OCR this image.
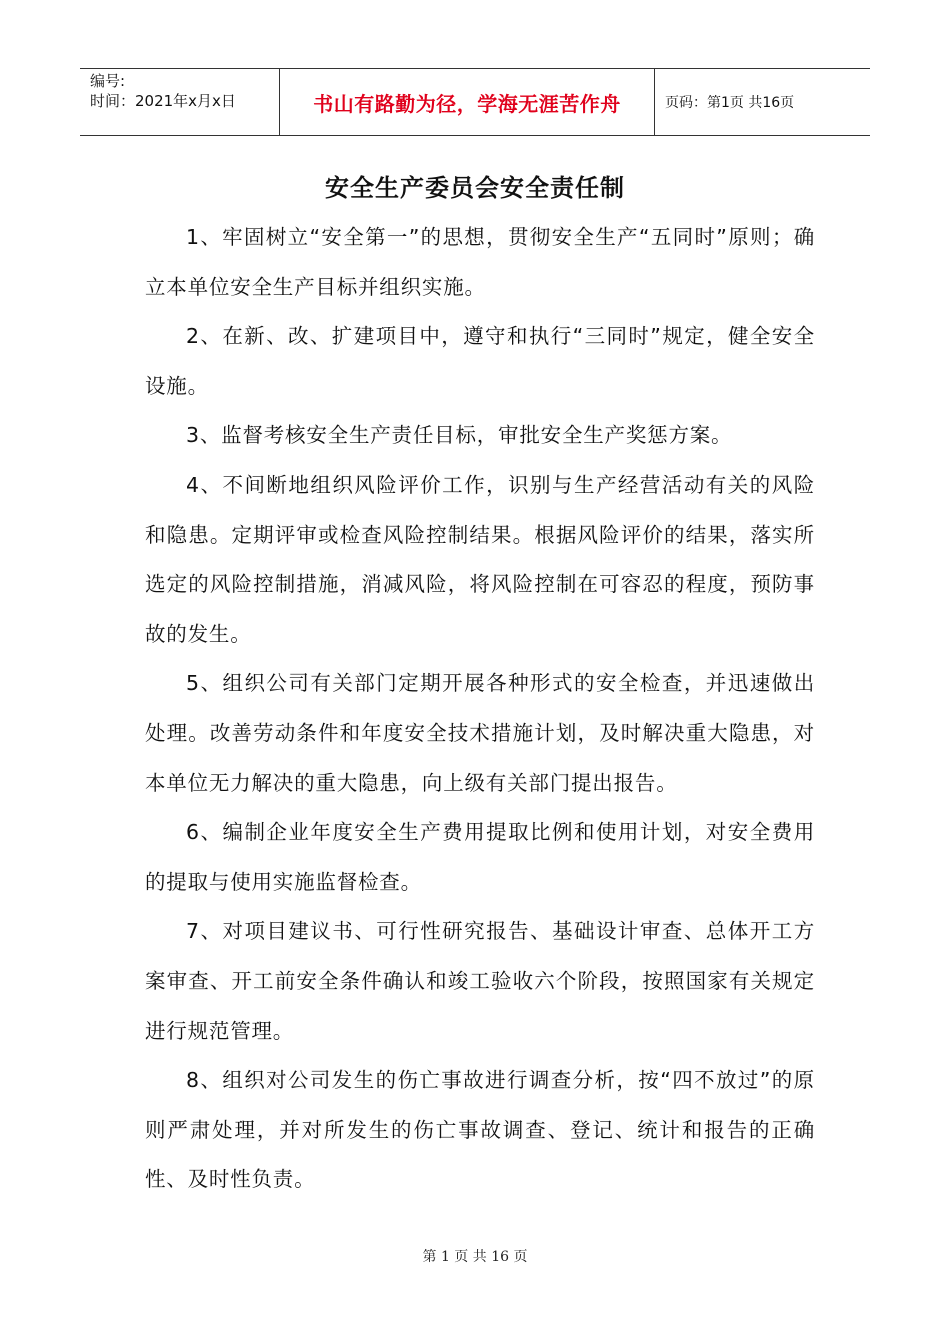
编号:
时间：2021年x月x日	书山有路勤为径，学海无涯苦作舟	页码：第1页 共16页
安全生产委员会安全责任制

1、牢固树立“安全第一”的思想，贯彻安全生产“五同时”原则；确立本单位安全生产目标并组织实施。

2、在新、改、扩建项目中，遵守和执行“三同时”规定，健全安全设施。

3、监督考核安全生产责任目标，审批安全生产奖惩方案。

4、不间断地组织风险评价工作，识别与生产经营活动有关的风险和隐患。定期评审或检查风险控制结果。根据风险评价的结果，落实所选定的风险控制措施，消减风险，将风险控制在可容忍的程度，预防事故的发生。

5、组织公司有关部门定期开展各种形式的安全检查，并迅速做出处理。改善劳动条件和年度安全技术措施计划，及时解决重大隐患，对本单位无力解决的重大隐患，向上级有关部门提出报告。

6、编制企业年度安全生产费用提取比例和使用计划，对安全费用的提取与使用实施监督检查。

7、对项目建议书、可行性研究报告、基础设计审查、总体开工方案审查、开工前安全条件确认和竣工验收六个阶段，按照国家有关规定进行规范管理。

8、组织对公司发生的伤亡事故进行调查分析，按“四不放过”的原则严肃处理，并对所发生的伤亡事故调查、登记、统计和报告的正确性、及时性负责。

第 1 页 共 16 页
